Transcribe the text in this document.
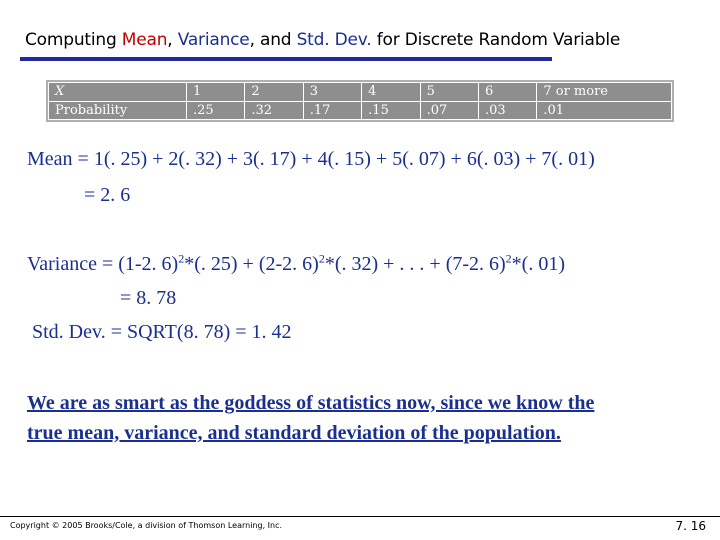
Computing Mean, Variance, and Std. Dev. for Discrete Random Variable
X	1	2	3	4	5	6	7 or more
Probability	.25	.32	.17	.15	.07	.03	.01
Mean = 1(. 25) + 2(. 32) + 3(. 17) + 4(. 15) + 5(. 07) + 6(. 03) + 7(. 01)
= 2. 6
Variance = (1-2. 6)$^2$*(. 25) + (2-2. 6)$^2$*(. 32) + . . . + (7-2. 6)$^2$*(. 01)
= 8. 78
Std. Dev. = SQRT(8. 78) = 1. 42
We are as smart as the goddess of statistics now, since we know the
true mean, variance, and standard deviation of the population.
Copyright © 2005 Brooks/Cole, a division of Thomson Learning, Inc.	7. 16
